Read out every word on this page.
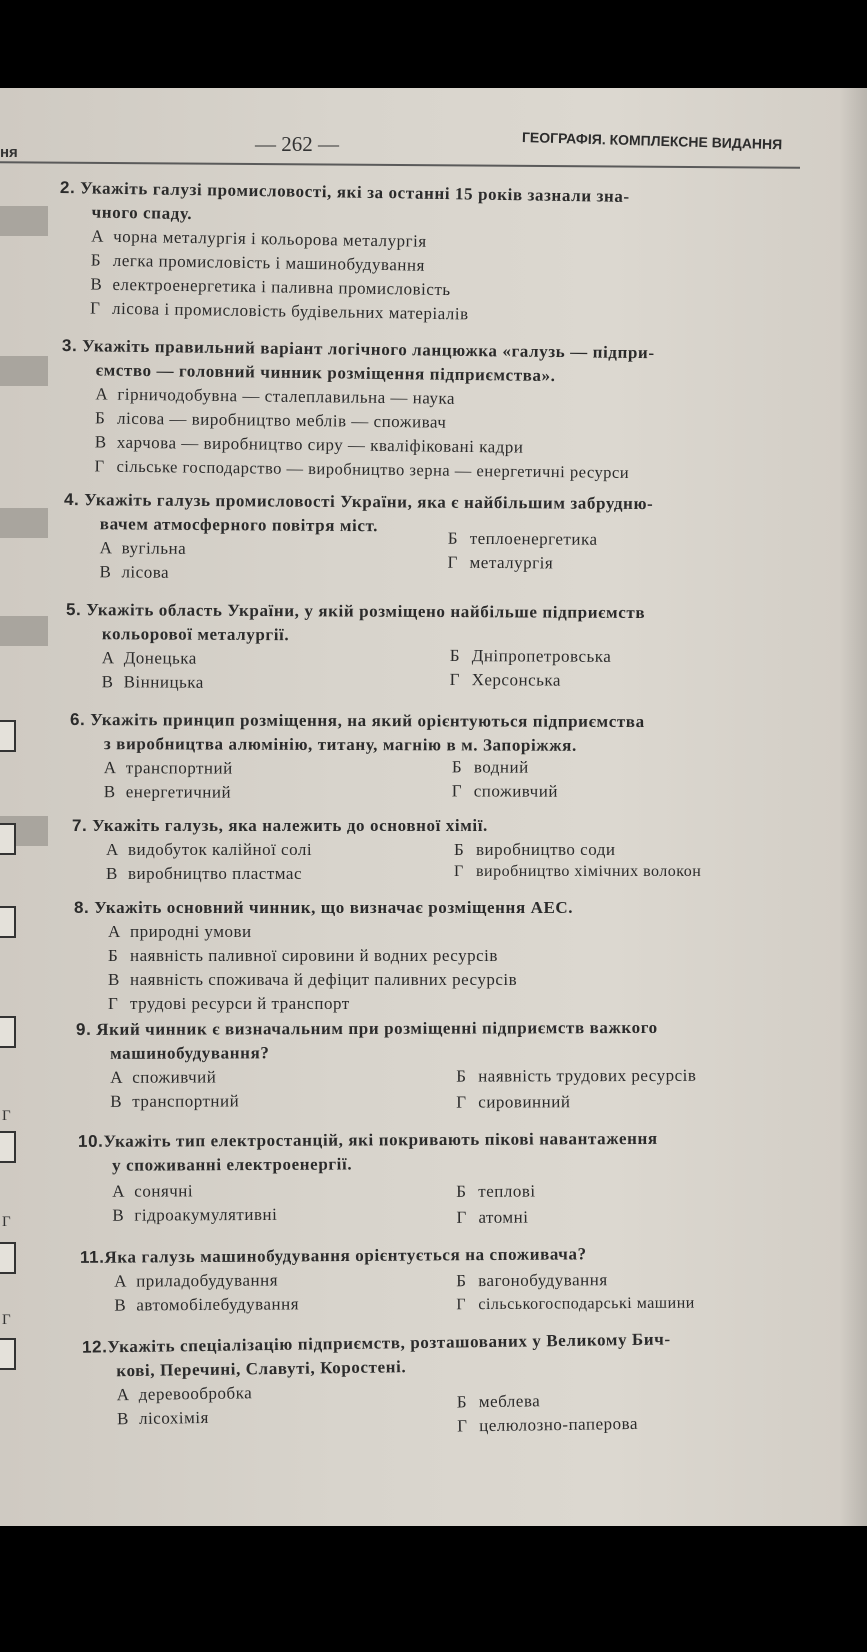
ня	— 262 —	ГЕОГРАФІЯ. КОМПЛЕКСНЕ ВИДАННЯ
Г
Г
Г
2. Укажіть галузі промисловості, які за останні 15 років зазнали зна-
чного спаду.
А чорна металургія і кольорова металургія
Б легка промисловість і машинобудування
В електроенергетика і паливна промисловість
Г лісова і промисловість будівельних матеріалів
3. Укажіть правильний варіант логічного ланцюжка «галузь — підпри-
ємство — головний чинник розміщення підприємства».
А гірничодобувна — сталеплавильна — наука
Б лісова — виробництво меблів — споживач
В харчова — виробництво сиру — кваліфіковані кадри
Г сільське господарство — виробництво зерна — енергетичні ресурси
4. Укажіть галузь промисловості України, яка є найбільшим забрудню-
вачем атмосферного повітря міст.
А вугільна
Б теплоенергетика
В лісова
Г металургія
5. Укажіть область України, у якій розміщено найбільше підприємств
кольорової металургії.
А Донецька	Б Дніпропетровська
В Вінницька	Г Херсонська
6. Укажіть принцип розміщення, на який орієнтуються підприємства
з виробництва алюмінію, титану, магнію в м. Запоріжжя.
А транспортний	Б водний
В енергетичний	Г споживчий
7. Укажіть галузь, яка належить до основної хімії.
А видобуток калійної солі	Б виробництво соди
В виробництво пластмас	Г виробництво хімічних волокон
8. Укажіть основний чинник, що визначає розміщення АЕС.
А природні умови
Б наявність паливної сировини й водних ресурсів
В наявність споживача й дефіцит паливних ресурсів
Г трудові ресурси й транспорт
9. Який чинник є визначальним при розміщенні підприємств важкого
машинобудування?
А споживчий	Б наявність трудових ресурсів
В транспортний	Г сировинний
10.Укажіть тип електростанцій, які покривають пікові навантаження
у споживанні електроенергії.
А сонячні	Б теплові
В гідроакумулятивні	Г атомні
11.Яка галузь машинобудування орієнтується на споживача?
А приладобудування	Б вагонобудування
В автомобілебудування	Г сільськогосподарські машини
12.Укажіть спеціалізацію підприємств, розташованих у Великому Бич-
кові, Перечині, Славуті, Коростені.
А деревообробка	Б меблева
В лісохімія	Г целюлозно-паперова
